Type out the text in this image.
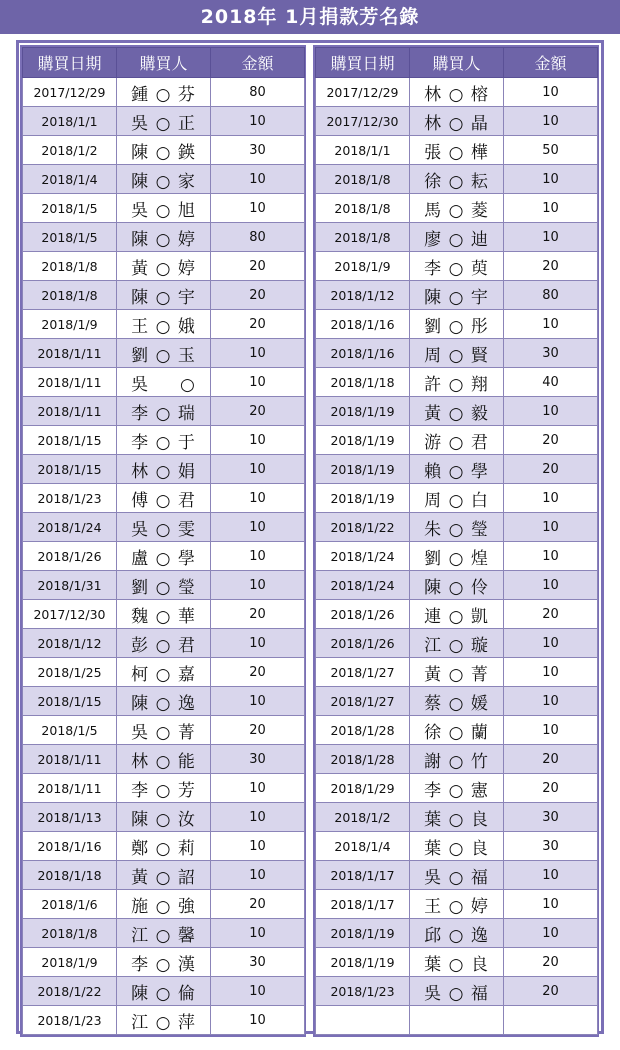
2018年 1月捐款芳名錄
購買日期	購買人	金額
2017/12/29	鍾 ○ 芬	80
2018/1/1	吳 ○ 正	10
2018/1/2	陳 ○ 鍈	30
2018/1/4	陳 ○ 家	10
2018/1/5	吳 ○ 旭	10
2018/1/5	陳 ○ 婷	80
2018/1/8	黃 ○ 婷	20
2018/1/8	陳 ○ 宇	20
2018/1/9	王 ○ 娥	20
2018/1/11	劉 ○ 玉	10
2018/1/11	吳 　 ○	10
2018/1/11	李 ○ 瑞	20
2018/1/15	李 ○ 于	10
2018/1/15	林 ○ 娟	10
2018/1/23	傅 ○ 君	10
2018/1/24	吳 ○ 雯	10
2018/1/26	盧 ○ 學	10
2018/1/31	劉 ○ 瑩	10
2017/12/30	魏 ○ 華	20
2018/1/12	彭 ○ 君	10
2018/1/25	柯 ○ 嘉	20
2018/1/15	陳 ○ 逸	10
2018/1/5	吳 ○ 菁	20
2018/1/11	林 ○ 能	30
2018/1/11	李 ○ 芳	10
2018/1/13	陳 ○ 汝	10
2018/1/16	鄭 ○ 莉	10
2018/1/18	黃 ○ 詔	10
2018/1/6	施 ○ 強	20
2018/1/8	江 ○ 馨	10
2018/1/9	李 ○ 漢	30
2018/1/22	陳 ○ 倫	10
2018/1/23	江 ○ 萍	10
購買日期	購買人	金額
2017/12/29	林 ○ 榕	10
2017/12/30	林 ○ 晶	10
2018/1/1	張 ○ 樺	50
2018/1/8	徐 ○ 耘	10
2018/1/8	馬 ○ 菱	10
2018/1/8	廖 ○ 迪	10
2018/1/9	李 ○ 萸	20
2018/1/12	陳 ○ 宇	80
2018/1/16	劉 ○ 彤	10
2018/1/16	周 ○ 賢	30
2018/1/18	許 ○ 翔	40
2018/1/19	黃 ○ 毅	10
2018/1/19	游 ○ 君	20
2018/1/19	賴 ○ 學	20
2018/1/19	周 ○ 白	10
2018/1/22	朱 ○ 瑩	10
2018/1/24	劉 ○ 煌	10
2018/1/24	陳 ○ 伶	10
2018/1/26	連 ○ 凱	20
2018/1/26	江 ○ 璇	10
2018/1/27	黃 ○ 菁	10
2018/1/27	蔡 ○ 媛	10
2018/1/28	徐 ○ 蘭	10
2018/1/28	謝 ○ 竹	20
2018/1/29	李 ○ 憲	20
2018/1/2	葉 ○ 良	30
2018/1/4	葉 ○ 良	30
2018/1/17	吳 ○ 福	10
2018/1/17	王 ○ 婷	10
2018/1/19	邱 ○ 逸	10
2018/1/19	葉 ○ 良	20
2018/1/23	吳 ○ 福	20
